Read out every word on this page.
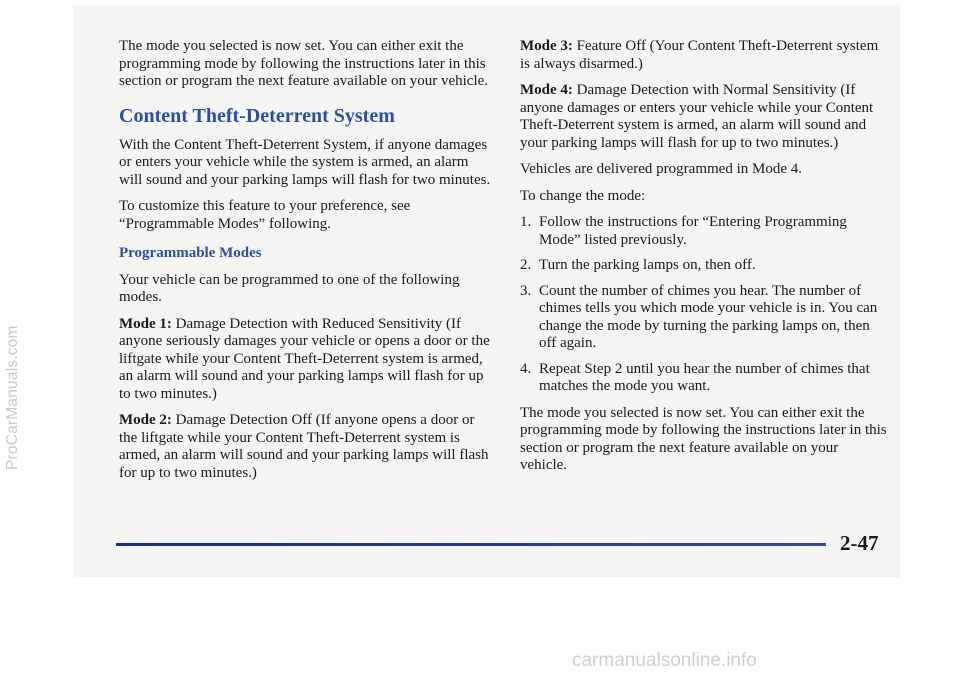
ProCarManuals.com

The mode you selected is now set. You can either exit the programming mode by following the instructions later in this section or program the next feature available on your vehicle.

Content Theft-Deterrent System

With the Content Theft-Deterrent System, if anyone damages or enters your vehicle while the system is armed, an alarm will sound and your parking lamps will flash for two minutes.

To customize this feature to your preference, see “Programmable Modes” following.

Programmable Modes

Your vehicle can be programmed to one of the following modes.

Mode 1: Damage Detection with Reduced Sensitivity (If anyone seriously damages your vehicle or opens a door or the liftgate while your Content Theft-Deterrent system is armed, an alarm will sound and your parking lamps will flash for up to two minutes.)

Mode 2: Damage Detection Off (If anyone opens a door or the liftgate while your Content Theft-Deterrent system is armed, an alarm will sound and your parking lamps will flash for up to two minutes.)

Mode 3: Feature Off (Your Content Theft-Deterrent system is always disarmed.)

Mode 4: Damage Detection with Normal Sensitivity (If anyone damages or enters your vehicle while your Content Theft-Deterrent system is armed, an alarm will sound and your parking lamps will flash for up to two minutes.)

Vehicles are delivered programmed in Mode 4.

To change the mode:

1. Follow the instructions for “Entering Programming Mode” listed previously.
2. Turn the parking lamps on, then off.
3. Count the number of chimes you hear. The number of chimes tells you which mode your vehicle is in. You can change the mode by turning the parking lamps on, then off again.
4. Repeat Step 2 until you hear the number of chimes that matches the mode you want.

The mode you selected is now set. You can either exit the programming mode by following the instructions later in this section or program the next feature available on your vehicle.

2-47
carmanualsonline.info
